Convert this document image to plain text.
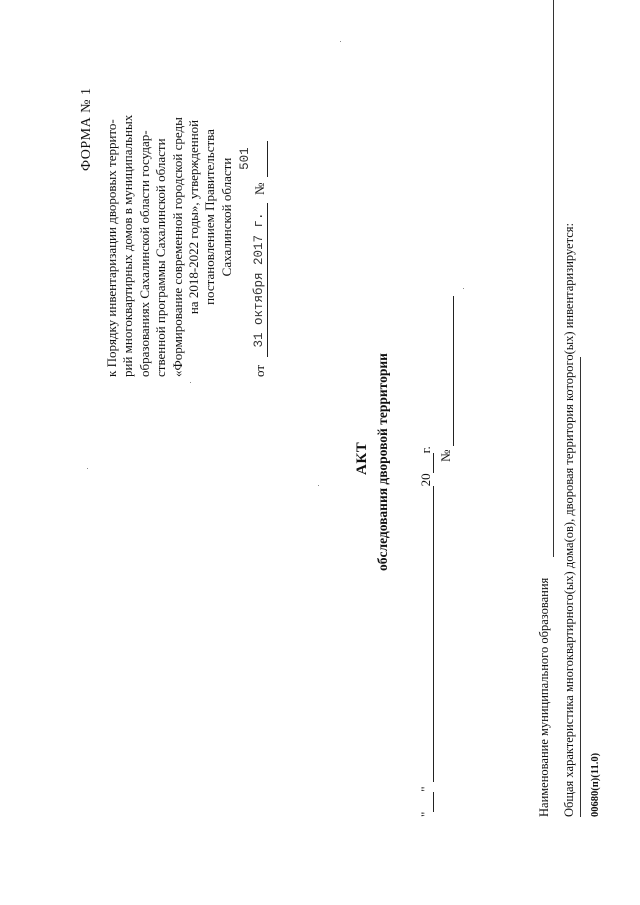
ФОРМА № 1 к Порядку инвентаризации дворовых террито- рий многоквартирных домов в муниципальных образованиях Сахалинской области государ- ственной программы Сахалинской области «Формирование современной городской среды на 2018-2022 годы», утвержденной постановлением Правительства Сахалинской области
от
31 октября 2017 г.
№
501
АКТ обследования дворовой территории	№
"
"
20
г.
Наименование муниципального образования Общая характеристика многоквартирного(ых) дома(ов), дворовая территория которого(ых) инвентаризируется: 00680(п)(11.0)
